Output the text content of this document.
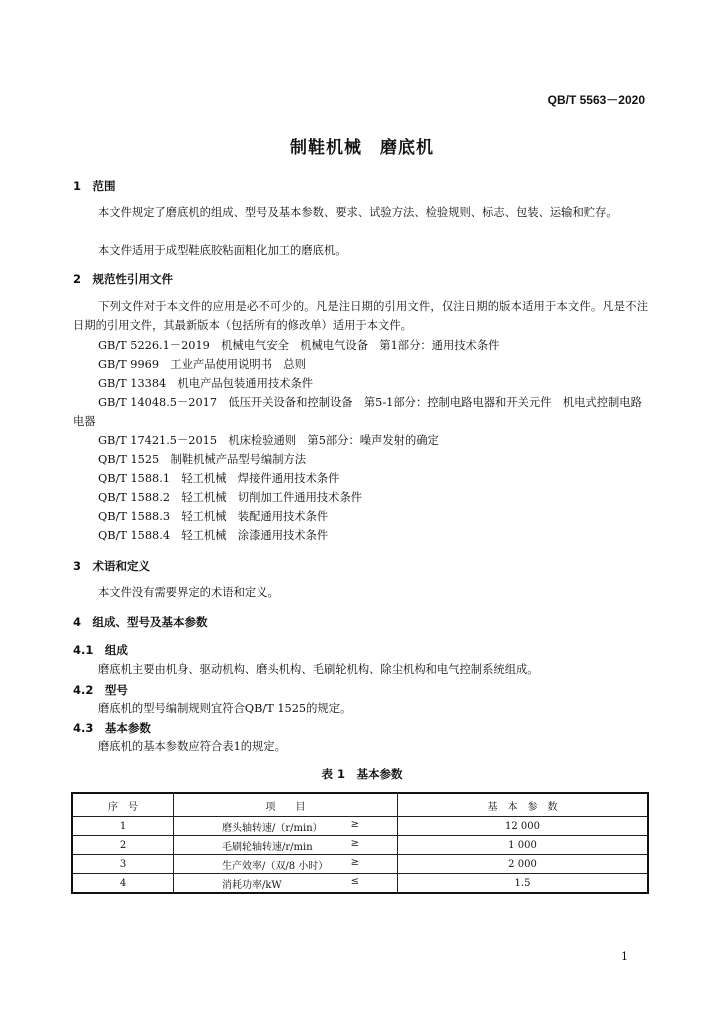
QB/T 5563－2020
制鞋机械　磨底机
1　范围
本文件规定了磨底机的组成、型号及基本参数、要求、试验方法、检验规则、标志、包装、运输和贮存。
本文件适用于成型鞋底胶粘面粗化加工的磨底机。
2　规范性引用文件
下列文件对于本文件的应用是必不可少的。凡是注日期的引用文件，仅注日期的版本适用于本文件。凡是不注日期的引用文件，其最新版本（包括所有的修改单）适用于本文件。
GB/T 5226.1－2019　机械电气安全　机械电气设备　第1部分：通用技术条件
GB/T 9969　工业产品使用说明书　总则
GB/T 13384　机电产品包装通用技术条件
GB/T 14048.5－2017　低压开关设备和控制设备　第5-1部分：控制电路电器和开关元件　机电式控制电路电器
GB/T 17421.5－2015　机床检验通则　第5部分：噪声发射的确定
QB/T 1525　制鞋机械产品型号编制方法
QB/T 1588.1　轻工机械　焊接件通用技术条件
QB/T 1588.2　轻工机械　切削加工件通用技术条件
QB/T 1588.3　轻工机械　装配通用技术条件
QB/T 1588.4　轻工机械　涂漆通用技术条件
3　术语和定义
本文件没有需要界定的术语和定义。
4　组成、型号及基本参数
4.1　组成
磨底机主要由机身、驱动机构、磨头机构、毛刷轮机构、除尘机构和电气控制系统组成。
4.2　型号
磨底机的型号编制规则宜符合QB/T 1525的规定。
4.3　基本参数
磨底机的基本参数应符合表1的规定。
表 1　基本参数
序　号	项　　目	基　本　参　数
1	磨头轴转速/（r/min） ≥	12 000
2	毛刷轮轴转速/r/min ≥	1 000
3	生产效率/（双/8 小时） ≥	2 000
4	消耗功率/kW ≤	1.5
1
